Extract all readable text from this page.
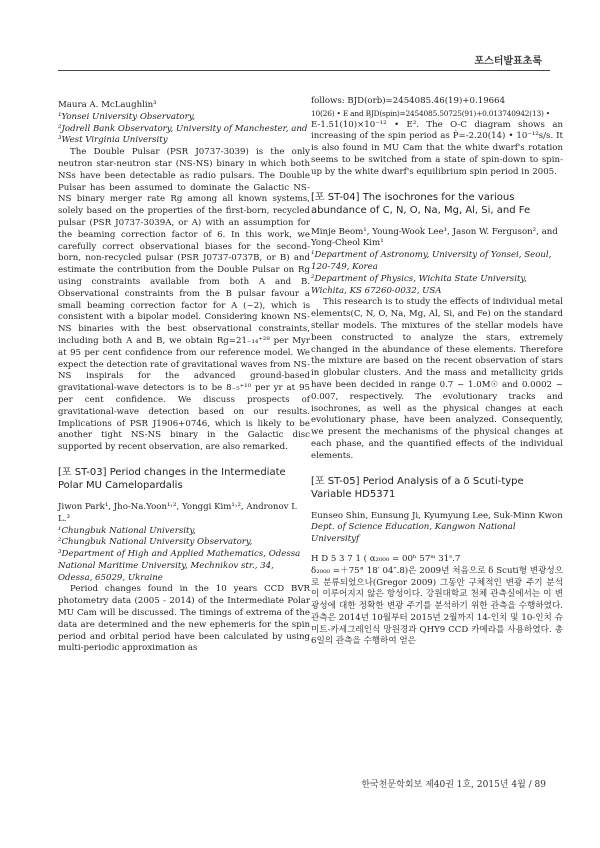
포스터발표초록
Maura A. McLaughlin³
¹Yonsei University Observatory,
²Jodrell Bank Observatory, University of Manchester, and
³West Virginia University

The Double Pulsar (PSR J0737-3039) is the only neutron star-neutron star (NS-NS) binary in which both NSs have been detectable as radio pulsars. The Double Pulsar has been assumed to dominate the Galactic NS-NS binary merger rate Rg among all known systems, solely based on the properties of the first-born, recycled pulsar (PSR J0737-3039A, or A) with an assumption for the beaming correction factor of 6. In this work, we carefully correct observational biases for the second-born, non-recycled pulsar (PSR J0737-0737B, or B) and estimate the contribution from the Double Pulsar on Rg using constraints available from both A and B. Observational constraints from the B pulsar favour a small beaming correction factor for A (~2), which is consistent with a bipolar model. Considering known NS-NS binaries with the best observational constraints, including both A and B, we obtain Rg=21₋₁₄⁺²⁸ per Myr at 95 per cent confidence from our reference model. We expect the detection rate of gravitational waves from NS-NS inspirals for the advanced ground-based gravitational-wave detectors is to be 8₋₅⁺¹⁰ per yr at 95 per cent confidence. We discuss prospects of gravitational-wave detection based on our results. Implications of PSR J1906+0746, which is likely to be another tight NS-NS binary in the Galactic disc supported by recent observation, are also remarked.

[포 ST-03] Period changes in the Intermediate Polar MU Camelopardalis
Jiwon Park¹, Jho-Na.Yoon¹˒², Yonggi Kim¹˒², Andronov I. L.³
¹Chungbuk National University,
²Chungbuk National University Observatory,
³Department of High and Applied Mathematics, Odessa National Maritime University, Mechnikov str., 34, Odessa, 65029, Ukraine

Period changes found in the 10 years CCD BVR photometry data (2005 - 2014) of the Intermediate Polar MU Cam will be discussed. The timings of extrema of the data are determined and the new ephemeris for the spin period and orbital period have been calculated by using multi-periodic approximation as

follows: BJD(orb)=2454085.46(19)+0.19664
10(26) • E and BJD(spin)=2454085.50725(91)+0.013740942(13) •

E-1.51(10)×10⁻¹² • E². The O-C diagram shows an increasing of the spin period as Ṗ=-2.20(14) • 10⁻¹²s/s. It is also found in MU Cam that the white dwarf's rotation seems to be switched from a state of spin-down to spin-up by the white dwarf's equilibrium spin period in 2005.

[포 ST-04] The isochrones for the various abundance of C, N, O, Na, Mg, Al, Si, and Fe
Minje Beom¹, Young-Wook Lee¹, Jason W. Ferguson², and Yong-Cheol Kim¹
¹Department of Astronomy, University of Yonsei, Seoul, 120-749, Korea
²Department of Physics, Wichita State University, Wichita, KS 67260-0032, USA

This research is to study the effects of individual metal elements(C, N, O, Na, Mg, Al, Si, and Fe) on the standard stellar models. The mixtures of the stellar models have been constructed to analyze the stars, extremely changed in the abundance of these elements. Therefore the mixture are based on the recent observation of stars in globular clusters. And the mass and metallicity grids have been decided in range 0.7 ~ 1.0M☉ and 0.0002 ~ 0.007, respectively. The evolutionary tracks and isochrones, as well as the physical changes at each evolutionary phase, have been analyzed. Consequently, we present the mechanisms of the physical changes at each phase, and the quantified effects of the individual elements.

[포 ST-05] Period Analysis of a δ Scuti-type Variable HD5371
Eunseo Shin, Eunsung Ji, Kyumyung Lee, Suk-Minn Kwon
Dept. of Science Education, Kangwon National Universityf
H D 5 3 7 1 ( α₂₀₀₀ = 00ʰ 57ᵐ 31ˢ.7

δ₂₀₀₀ =＋75° 18′ 04″.8)은 2009년 처음으로 δ Scuti형 변광성으로 분류되었으나(Gregor 2009) 그동안 구체적인 변광 주기 분석이 이루어지지 않은 항성이다. 강원대학교 천체 관측실에서는 이 변광성에 대한 정확한 변광 주기를 분석하기 위한 관측을 수행하였다. 관측은 2014년 10월부터 2015년 2월까지 14-인치 및 10-인치 슈미트-카세그레인식 망원경과 QHY9 CCD 카메라를 사용하였다. 총 6일의 관측을 수행하여 얻은

한국천문학회보 제40권 1호, 2015년 4월 / 89
